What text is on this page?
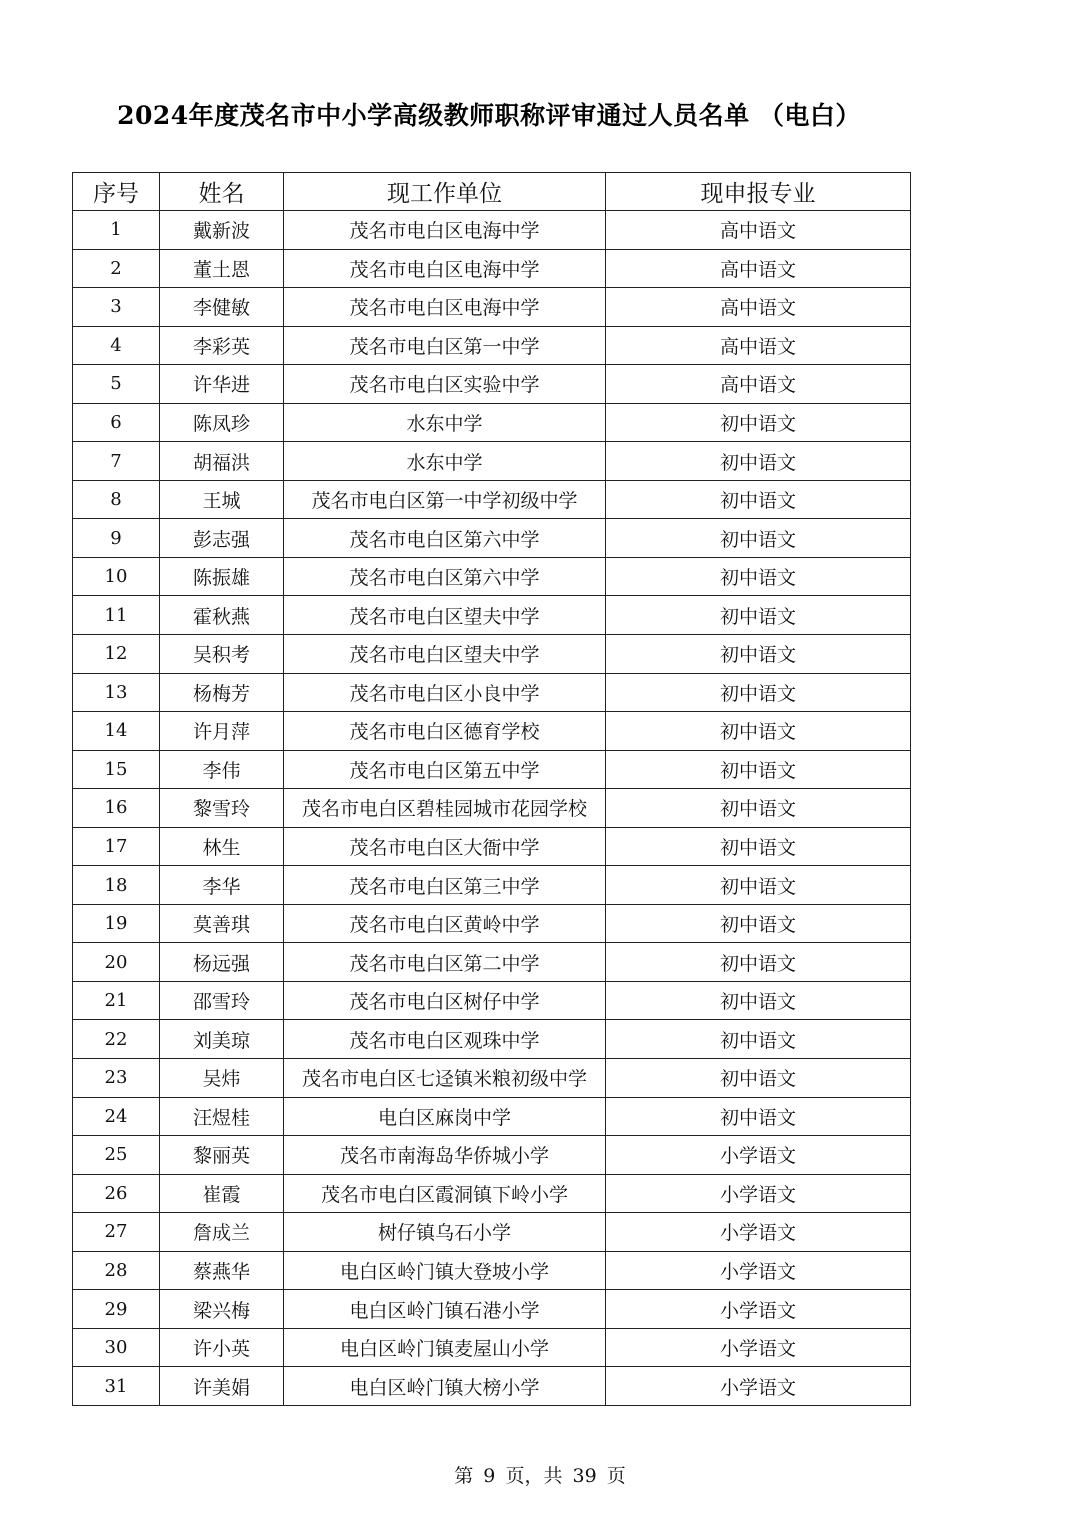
2024年度茂名市中小学高级教师职称评审通过人员名单 （电白）
序号	姓名	现工作单位	现申报专业
1	戴新波	茂名市电白区电海中学	高中语文
2	董土恩	茂名市电白区电海中学	高中语文
3	李健敏	茂名市电白区电海中学	高中语文
4	李彩英	茂名市电白区第一中学	高中语文
5	许华进	茂名市电白区实验中学	高中语文
6	陈凤珍	水东中学	初中语文
7	胡福洪	水东中学	初中语文
8	王城	茂名市电白区第一中学初级中学	初中语文
9	彭志强	茂名市电白区第六中学	初中语文
10	陈振雄	茂名市电白区第六中学	初中语文
11	霍秋燕	茂名市电白区望夫中学	初中语文
12	吴积考	茂名市电白区望夫中学	初中语文
13	杨梅芳	茂名市电白区小良中学	初中语文
14	许月萍	茂名市电白区德育学校	初中语文
15	李伟	茂名市电白区第五中学	初中语文
16	黎雪玲	茂名市电白区碧桂园城市花园学校	初中语文
17	林生	茂名市电白区大衙中学	初中语文
18	李华	茂名市电白区第三中学	初中语文
19	莫善琪	茂名市电白区黄岭中学	初中语文
20	杨远强	茂名市电白区第二中学	初中语文
21	邵雪玲	茂名市电白区树仔中学	初中语文
22	刘美琼	茂名市电白区观珠中学	初中语文
23	吴炜	茂名市电白区七迳镇米粮初级中学	初中语文
24	汪煜桂	电白区麻岗中学	初中语文
25	黎丽英	茂名市南海岛华侨城小学	小学语文
26	崔霞	茂名市电白区霞洞镇下岭小学	小学语文
27	詹成兰	树仔镇乌石小学	小学语文
28	蔡燕华	电白区岭门镇大登坡小学	小学语文
29	梁兴梅	电白区岭门镇石港小学	小学语文
30	许小英	电白区岭门镇麦屋山小学	小学语文
31	许美娟	电白区岭门镇大榜小学	小学语文
第 9 页，共 39 页
